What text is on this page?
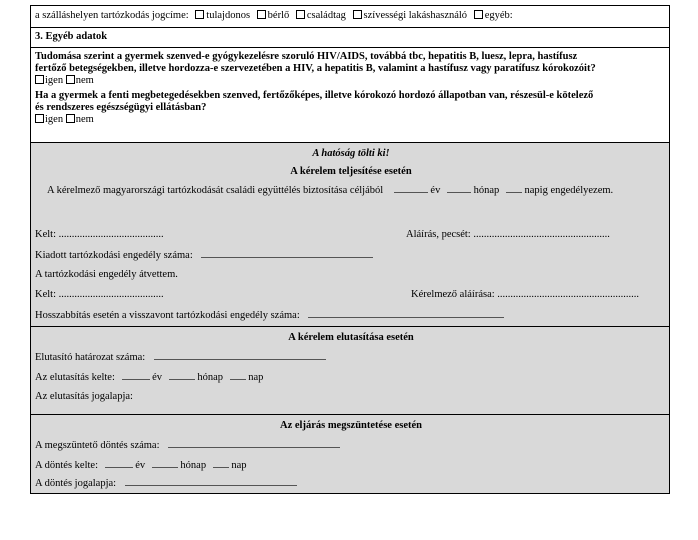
a szálláshelyen tartózkodás jogcíme: tulajdonos bérlő családtag szívességi lakáshasználó egyéb:
3. Egyéb adatok
Tudomása szerint a gyermek szenved-e gyógykezelésre szoruló HIV/AIDS, továbbá tbc, hepatitis B, luesz, lepra, hastífusz
fertőző betegségekben, illetve hordozza-e szervezetében a HIV, a hepatitis B, valamint a hastífusz vagy paratífusz kórokozóit?
igen nem
Ha a gyermek a fenti megbetegedésekben szenved, fertőzőképes, illetve kórokozó hordozó állapotban van, részesül-e kötelező
és rendszeres egészségügyi ellátásban?
igen nem
A hatóság tölti ki!
A kérelem teljesítése esetén
A kérelmező magyarországi tartózkodását családi együttélés biztosítása céljából	év	hónap napig engedélyezem.
Kelt: ........................................	Aláírás, pecsét: ....................................................
Kiadott tartózkodási engedély száma:
A tartózkodási engedély átvettem.
Kelt: ........................................	Kérelmező aláírása: ......................................................
Hosszabbítás esetén a visszavont tartózkodási engedély száma:
A kérelem elutasítása esetén
Elutasító határozat száma:
Az elutasítás kelte:	év	hónap nap
Az elutasítás jogalapja:
Az eljárás megszüntetése esetén
A megszüntető döntés száma:
A döntés kelte:	év	hónap nap
A döntés jogalapja:
